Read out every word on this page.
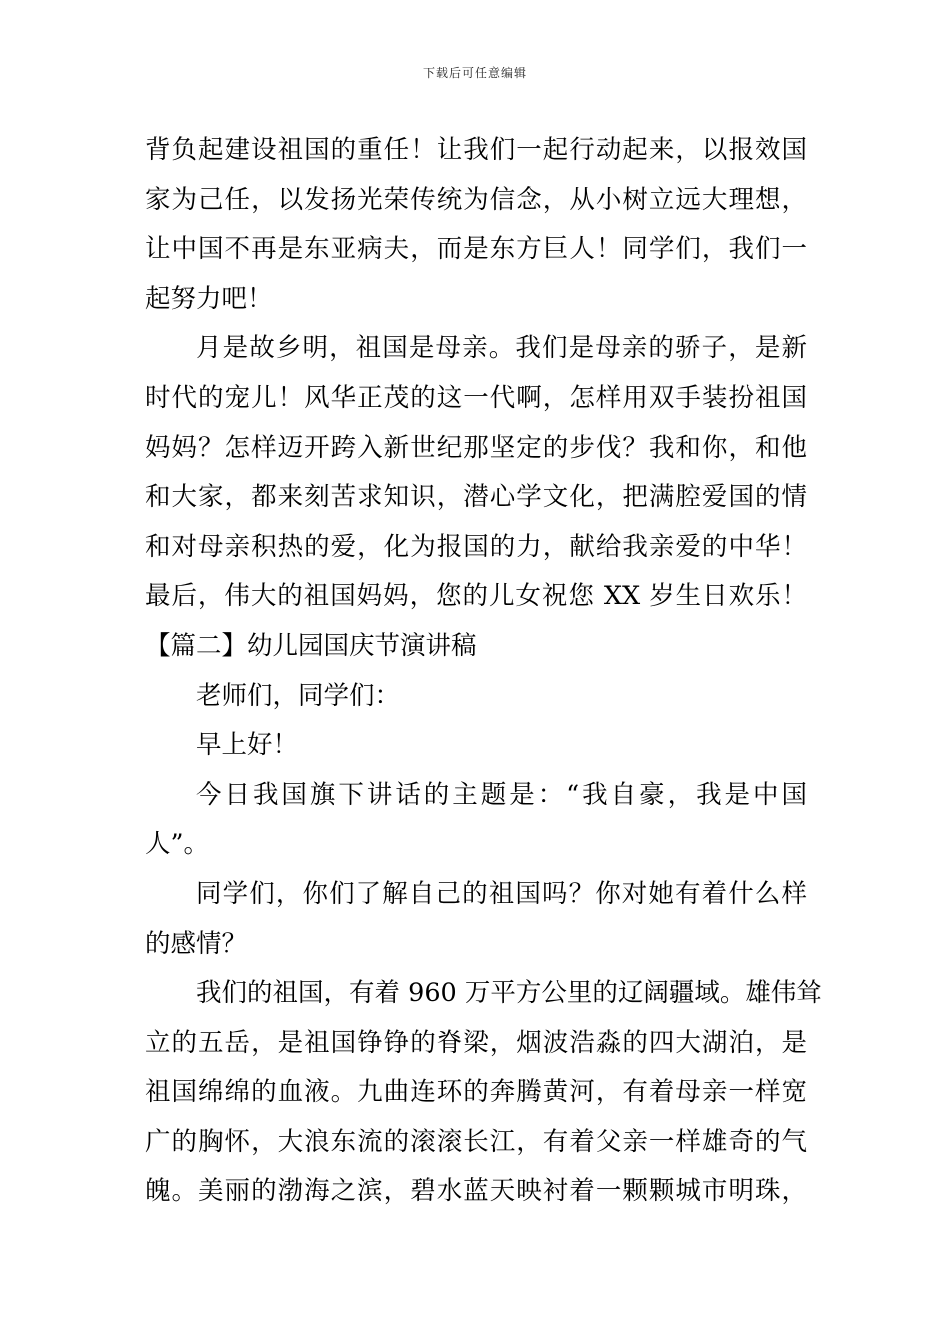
下载后可任意编辑
背负起建设祖国的重任！让我们一起行动起来，以报效国
家为己任，以发扬光荣传统为信念，从小树立远大理想，
让中国不再是东亚病夫，而是东方巨人！同学们，我们一
起努力吧！
月是故乡明，祖国是母亲。我们是母亲的骄子，是新
时代的宠儿！风华正茂的这一代啊，怎样用双手装扮祖国
妈妈？怎样迈开跨入新世纪那坚定的步伐？我和你，和他
和大家，都来刻苦求知识，潜心学文化，把满腔爱国的情
和对母亲积热的爱，化为报国的力，献给我亲爱的中华！
最后，伟大的祖国妈妈，您的儿女祝您 XX 岁生日欢乐！
【篇二】幼儿园国庆节演讲稿
老师们，同学们：
早上好！
今日我国旗下讲话的主题是：“我自豪，我是中国
人”。
同学们，你们了解自己的祖国吗？你对她有着什么样
的感情？
我们的祖国，有着 960 万平方公里的辽阔疆域。雄伟耸
立的五岳，是祖国铮铮的脊梁，烟波浩淼的四大湖泊，是
祖国绵绵的血液。九曲连环的奔腾黄河，有着母亲一样宽
广的胸怀，大浪东流的滚滚长江，有着父亲一样雄奇的气
魄。美丽的渤海之滨，碧水蓝天映衬着一颗颗城市明珠，
